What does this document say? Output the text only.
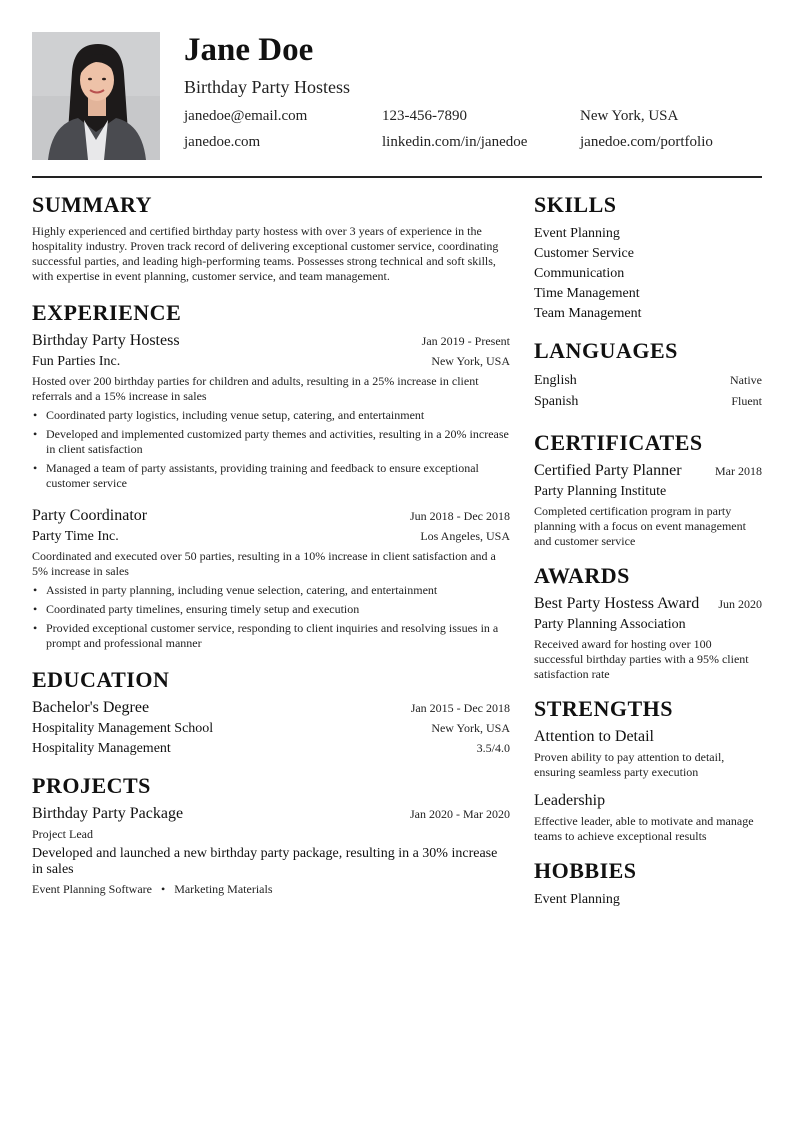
Jane Doe
Birthday Party Hostess
janedoe@email.com	123-456-7890	New York, USA
janedoe.com	linkedin.com/in/janedoe	janedoe.com/portfolio
SUMMARY
Highly experienced and certified birthday party hostess with over 3 years of experience in the hospitality industry. Proven track record of delivering exceptional customer service, coordinating successful parties, and leading high-performing teams. Possesses strong technical and soft skills, with expertise in event planning, customer service, and team management.
EXPERIENCE
Birthday Party Hostess	Jan 2019 - Present
Fun Parties Inc.	New York, USA
Hosted over 200 birthday parties for children and adults, resulting in a 25% increase in client referrals and a 15% increase in sales
• Coordinated party logistics, including venue setup, catering, and entertainment
• Developed and implemented customized party themes and activities, resulting in a 20% increase in client satisfaction
• Managed a team of party assistants, providing training and feedback to ensure exceptional customer service
Party Coordinator	Jun 2018 - Dec 2018
Party Time Inc.	Los Angeles, USA
Coordinated and executed over 50 parties, resulting in a 10% increase in client satisfaction and a 5% increase in sales
• Assisted in party planning, including venue selection, catering, and entertainment
• Coordinated party timelines, ensuring timely setup and execution
• Provided exceptional customer service, responding to client inquiries and resolving issues in a prompt and professional manner
EDUCATION
Bachelor's Degree	Jan 2015 - Dec 2018
Hospitality Management School	New York, USA
Hospitality Management	3.5/4.0
PROJECTS
Birthday Party Package	Jan 2020 - Mar 2020
Project Lead
Developed and launched a new birthday party package, resulting in a 30% increase in sales
Event Planning Software • Marketing Materials
SKILLS
Event Planning
Customer Service
Communication
Time Management
Team Management
LANGUAGES
English	Native
Spanish	Fluent
CERTIFICATES
Certified Party Planner	Mar 2018
Party Planning Institute
Completed certification program in party planning with a focus on event management and customer service
AWARDS
Best Party Hostess Award Jun 2020
Party Planning Association
Received award for hosting over 100 successful birthday parties with a 95% client satisfaction rate
STRENGTHS
Attention to Detail
Proven ability to pay attention to detail, ensuring seamless party execution
Leadership
Effective leader, able to motivate and manage teams to achieve exceptional results
HOBBIES
Event Planning
